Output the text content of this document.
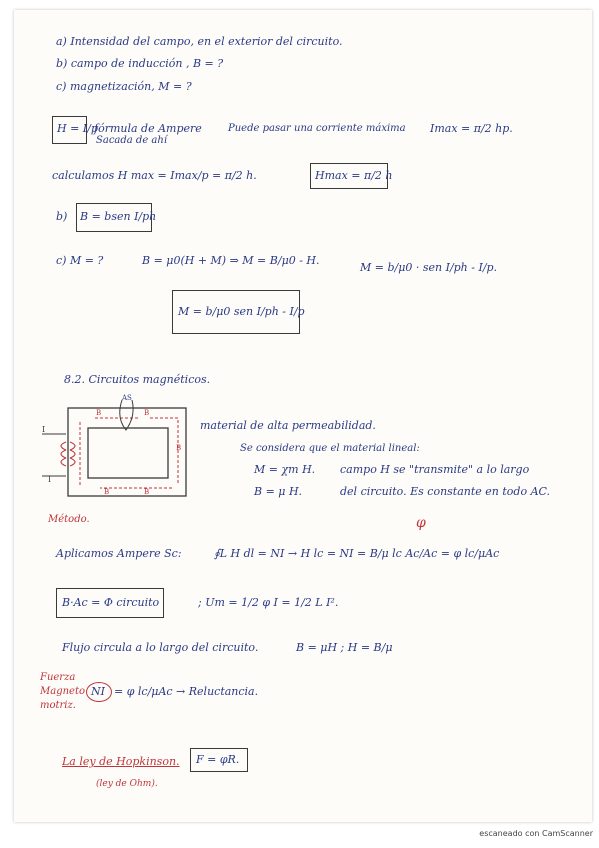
a) Intensidad del campo, en el exterior del circuito.
b) campo de inducción , B = ?
c) magnetización, M = ?
H = I/p
fórmula de Ampere
Sacada de ahí
Puede pasar una corriente máxima Imax = π/2 hp.
calculamos H max = Imax/p = π/2 h.	Hmax = π/2 h
b) B = bsen I/ph
c) M = ?	B = μ0(H + M) ⇒ M = B/μ0 - H.
M = b/μ0 · sen I/ph - I/p.
M = b/μ0 sen I/ph - I/p
8.2. Circuitos magnéticos.
AS
B	B
B
B	B
I
I
material de alta permeabilidad.
Se considera que el material lineal:
M = χm H.
B = μ H.
campo H se "transmite" a lo largo
del circuito. Es constante en todo AC.
Método.
Aplicamos Ampere Sc:	∮L H dl = NI → H lc = NI = B/μ lc Ac/Ac = φ lc/μAc
φ
B·Ac = Φ circuito	; Um = 1/2 φ I = 1/2 L I².
Flujo circula a lo largo del circuito.	B = μH ; H = B/μ
Fuerza
Magneto
motriz.
NI = φ lc/μAc → Reluctancia.
La ley de Hopkinson. F = φR.
(ley de Ohm).
escaneado con CamScanner
